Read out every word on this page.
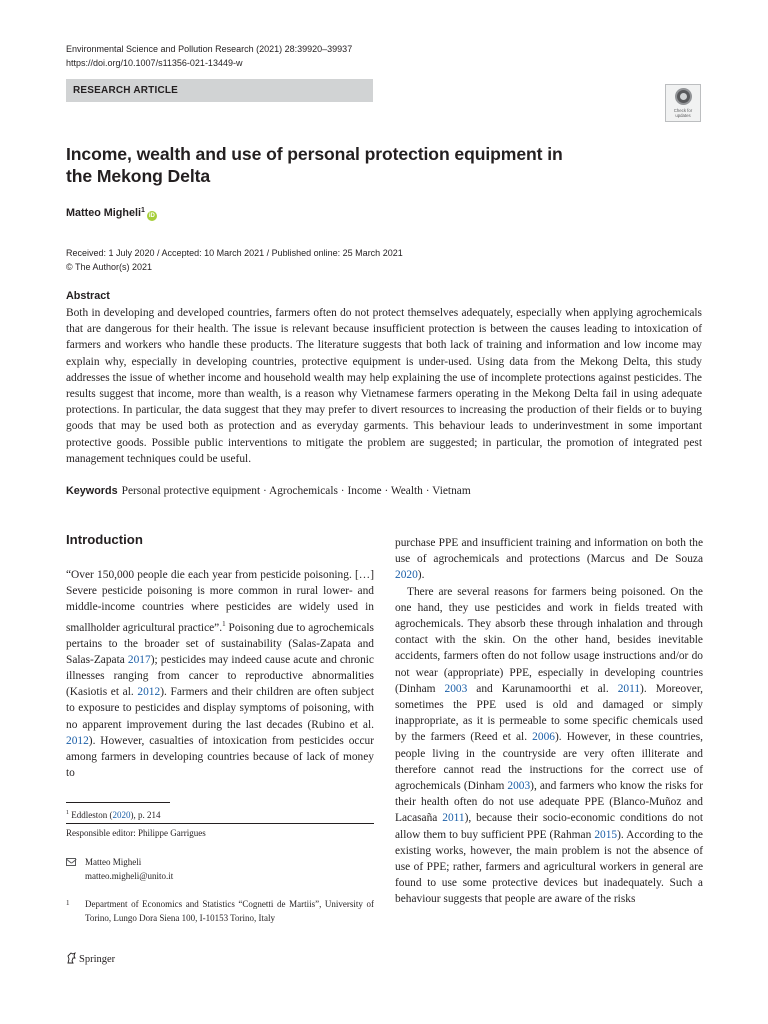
Environmental Science and Pollution Research (2021) 28:39920–39937
https://doi.org/10.1007/s11356-021-13449-w
RESEARCH ARTICLE
Check for updates
Income, wealth and use of personal protection equipment in the Mekong Delta
Matteo Migheli$^1$iD
Received: 1 July 2020 / Accepted: 10 March 2021 / Published online: 25 March 2021
© The Author(s) 2021
Abstract
Both in developing and developed countries, farmers often do not protect themselves adequately, especially when applying agrochemicals that are dangerous for their health. The issue is relevant because insufficient protection is between the causes leading to intoxication of farmers and workers who handle these products. The literature suggests that both lack of training and information and low income may explain why, especially in developing countries, protective equipment is under-used. Using data from the Mekong Delta, this study addresses the issue of whether income and household wealth may help explaining the use of incomplete protections against pesticides. The results suggest that income, more than wealth, is a reason why Vietnamese farmers operating in the Mekong Delta fail in using adequate protections. In particular, the data suggest that they may prefer to divert resources to increasing the production of their fields or to buying goods that may be used both as protection and as everyday garments. This behaviour leads to underinvestment in some important protective goods. Possible public interventions to mitigate the problem are suggested; in particular, the promotion of integrated pest management techniques could be useful.
Keywords Personal protective equipment · Agrochemicals · Income · Wealth · Vietnam
Introduction

“Over 150,000 people die each year from pesticide poisoning. […] Severe pesticide poisoning is more common in rural lower- and middle-income countries where pesticides are widely used in smallholder agricultural practice”.$^1$ Poisoning due to agrochemicals pertains to the broader set of sustainability (Salas-Zapata and Salas-Zapata 2017); pesticides may indeed cause acute and chronic illnesses ranging from cancer to reproductive abnormalities (Kasiotis et al. 2012). Farmers and their children are often subject to exposure to pesticides and display symptoms of poisoning, with no apparent improvement during the last decades (Rubino et al. 2012). However, casualties of intoxication from pesticides occur among farmers in developing countries because of lack of money to

$^1$ Eddleston (2020), p. 214
Responsible editor: Philippe Garrigues
Matteo Migheli
matteo.migheli@unito.it
1 Department of Economics and Statistics “Cognetti de Martiis”, University of Torino, Lungo Dora Siena 100, I-10153 Torino, Italy
Springer

purchase PPE and insufficient training and information on both the use of agrochemicals and protections (Marcus and De Souza 2020).

There are several reasons for farmers being poisoned. On the one hand, they use pesticides and work in fields treated with agrochemicals. They absorb these through inhalation and through contact with the skin. On the other hand, besides inevitable accidents, farmers often do not follow usage instructions and/or do not wear (appropriate) PPE, especially in developing countries (Dinham 2003 and Karunamoorthi et al. 2011). Moreover, sometimes the PPE used is old and damaged or simply inappropriate, as it is permeable to some specific chemicals used by the farmers (Reed et al. 2006). However, in these countries, people living in the countryside are very often illiterate and therefore cannot read the instructions for the correct use of agrochemicals (Dinham 2003), and farmers who know the risks for their health often do not use adequate PPE (Blanco-Muñoz and Lacasaña 2011), because their socio-economic conditions do not allow them to buy sufficient PPE (Rahman 2015). According to the existing works, however, the main problem is not the absence of use of PPE; rather, farmers and agricultural workers in general are found to use some protective devices but inadequately. Such a behaviour suggests that people are aware of the risks
